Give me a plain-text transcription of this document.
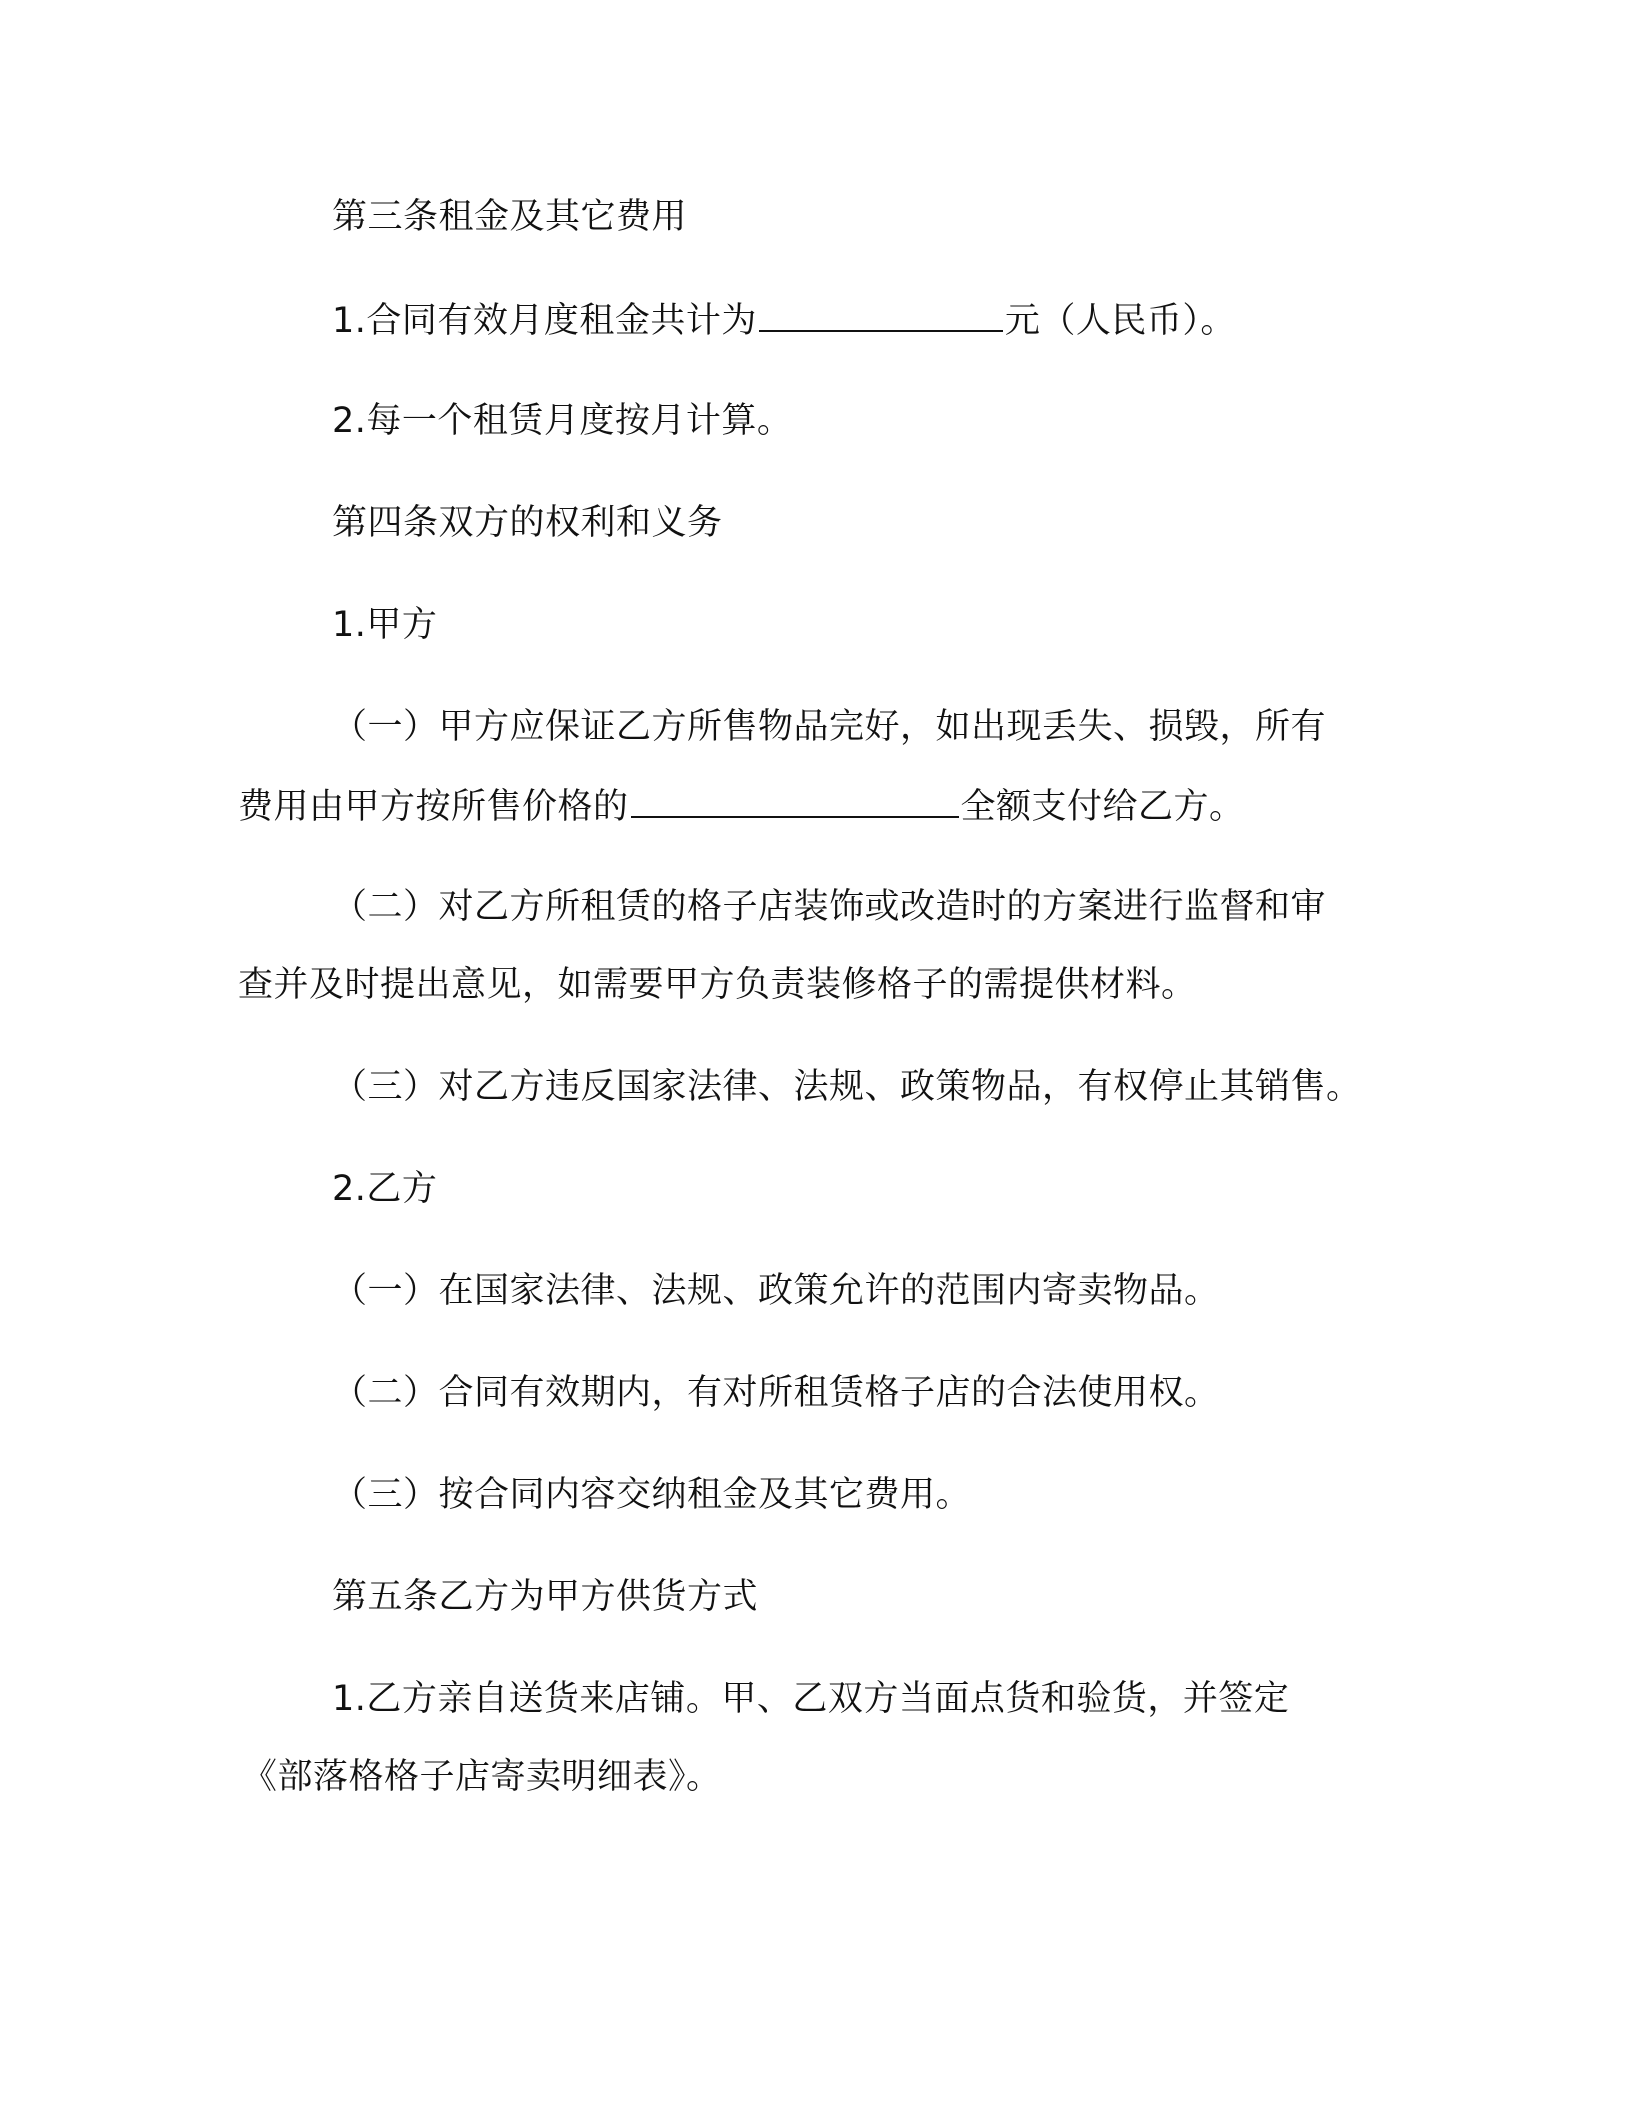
第三条租金及其它费用
1.合同有效月度租金共计为	元（人民币）。
2.每一个租赁月度按月计算。
第四条双方的权利和义务
1.甲方
（一）甲方应保证乙方所售物品完好，如出现丢失、损毁，所有
费用由甲方按所售价格的	全额支付给乙方。
（二）对乙方所租赁的格子店装饰或改造时的方案进行监督和审
查并及时提出意见，如需要甲方负责装修格子的需提供材料。
（三）对乙方违反国家法律、法规、政策物品，有权停止其销售。
2.乙方
（一）在国家法律、法规、政策允许的范围内寄卖物品。
（二）合同有效期内，有对所租赁格子店的合法使用权。
（三）按合同内容交纳租金及其它费用。
第五条乙方为甲方供货方式
1.乙方亲自送货来店铺。甲、乙双方当面点货和验货，并签定
《部落格格子店寄卖明细表》。
